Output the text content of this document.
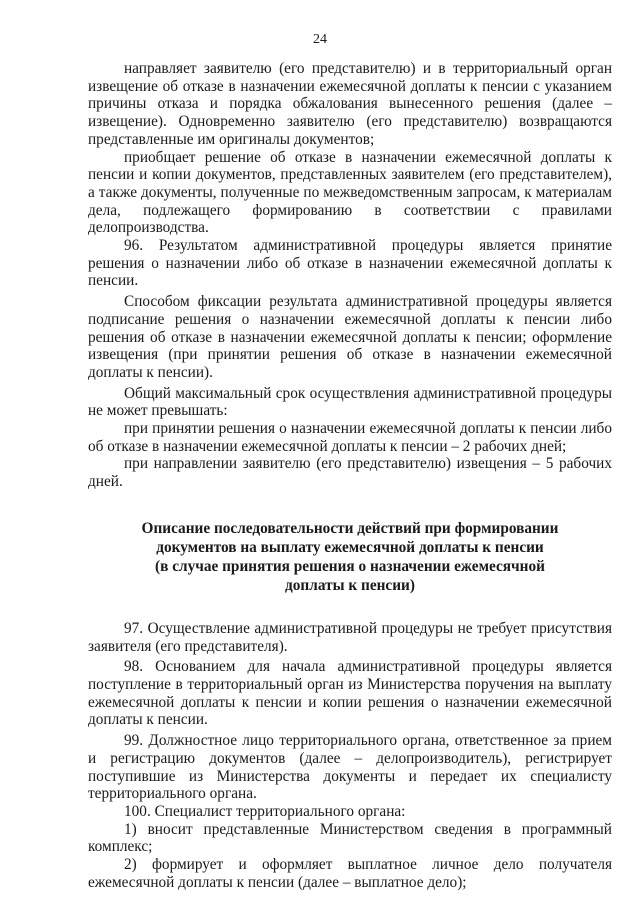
24

направляет заявителю (его представителю) и в территориальный орган извещение об отказе в назначении ежемесячной доплаты к пенсии с указанием причины отказа и порядка обжалования вынесенного решения (далее – извещение). Одновременно заявителю (его представителю) возвращаются представленные им оригиналы документов;

приобщает решение об отказе в назначении ежемесячной доплаты к пенсии и копии документов, представленных заявителем (его представителем), а также документы, полученные по межведомственным запросам, к материалам дела, подлежащего формированию в соответствии с правилами делопроизводства.

96. Результатом административной процедуры является принятие решения о назначении либо об отказе в назначении ежемесячной доплаты к пенсии.

Способом фиксации результата административной процедуры является подписание решения о назначении ежемесячной доплаты к пенсии либо решения об отказе в назначении ежемесячной доплаты к пенсии; оформление извещения (при принятии решения об отказе в назначении ежемесячной доплаты к пенсии).

Общий максимальный срок осуществления административной процедуры не может превышать:

при принятии решения о назначении ежемесячной доплаты к пенсии либо об отказе в назначении ежемесячной доплаты к пенсии – 2 рабочих дней;

при направлении заявителю (его представителю) извещения – 5 рабочих дней.

Описание последовательности действий при формировании
документов на выплату ежемесячной доплаты к пенсии
(в случае принятия решения о назначении ежемесячной
доплаты к пенсии)

97. Осуществление административной процедуры не требует присутствия заявителя (его представителя).

98. Основанием для начала административной процедуры является поступление в территориальный орган из Министерства поручения на выплату ежемесячной доплаты к пенсии и копии решения о назначении ежемесячной доплаты к пенсии.

99. Должностное лицо территориального органа, ответственное за прием и регистрацию документов (далее – делопроизводитель), регистрирует поступившие из Министерства документы и передает их специалисту территориального органа.

100. Специалист территориального органа:

1) вносит представленные Министерством сведения в программный комплекс;

2) формирует и оформляет выплатное личное дело получателя ежемесячной доплаты к пенсии (далее – выплатное дело);
